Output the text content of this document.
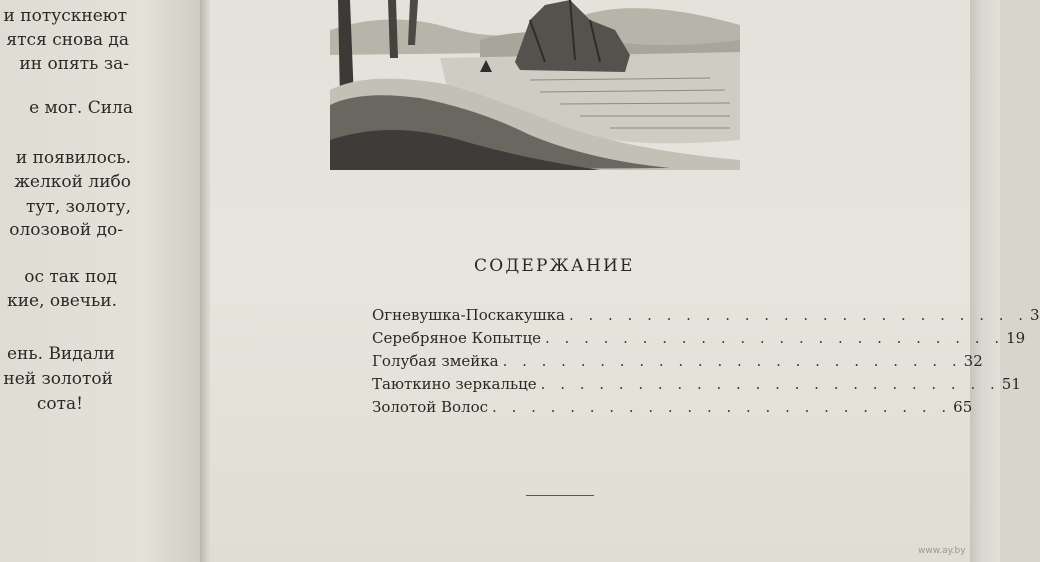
и потускнеют
ятся снова да
ин опять за-
е мог. Сила
и появилось.
желкой либо
тут, золоту,
олозовой до-
ос так под
кие, овечьи.
ень. Видали
ней золотой
сота!
СОДЕРЖАНИЕ
Огневушка-Поскакушка . . . . . . . . . . . . . . . . . . . . . . . . 3
Серебряное Копытце . . . . . . . . . . . . . . . . . . . . . . . . 19
Голубая змейка . . . . . . . . . . . . . . . . . . . . . . . . 32
Таюткино зеркальце . . . . . . . . . . . . . . . . . . . . . . . . 51
Золотой Волос . . . . . . . . . . . . . . . . . . . . . . . . 65
www.ay.by
